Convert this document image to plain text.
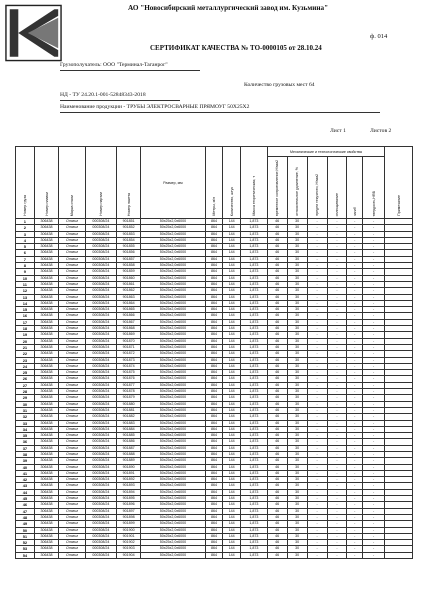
АО "Новосибирский металлургический завод им. Кузьмина"
ф. 014
СЕРТИФИКАТ КАЧЕСТВА № ТО-0000105 от 28.10.24
Грузополучатель: ООО "Терминал-Таганрог"
Количество грузовых мест 64
НД - ТУ 24.20.1-001-52848343-2018
Наименование продукции - ТРУБЫ ЭЛЕКТРОСВАРНЫЕ ПРЯМОУГ 50Х25Х2
Лист 1	Листов 2
Номер груза	Номер плавки	Марка стали	Номер партии	Номер пакета	Размер, мм	Метры, м/п	Количество, штук	Масса теоретическая, т	Механические и технологические свойства						Примечание
									временное сопротивление,Н/мм2	относительное удлинение, %	предел текучести, Н/мм2	сплющивание	загиб	твердость,HRB	
1	306438	Отжиг	000308/24	901851	50x25x2,0x6000	864	144	1,873	46	30	-	-	-	-	
2	306438	Отжиг	000308/24	901852	50x25x2,0x6000	864	144	1,873	46	30	-	-	-	-	
3	306438	Отжиг	000308/24	901853	50x25x2,0x6000	864	144	1,873	46	30	-	-	-	-	
4	306438	Отжиг	000308/24	901854	50x25x2,0x6000	864	144	1,873	46	30	-	-	-	-	
5	306438	Отжиг	000308/24	901855	50x25x2,0x6000	864	144	1,873	46	30	-	-	-	-	
6	306438	Отжиг	000308/24	901856	50x25x2,0x6000	864	144	1,873	46	30	-	-	-	-	
7	306438	Отжиг	000308/24	901857	50x25x2,0x6000	864	144	1,873	46	30	-	-	-	-	
8	306438	Отжиг	000308/24	901858	50x25x2,0x6000	864	144	1,873	46	30	-	-	-	-	
9	306438	Отжиг	000308/24	901859	50x25x2,0x6000	864	144	1,873	46	30	-	-	-	-	
10	306438	Отжиг	000308/24	901860	50x25x2,0x6000	864	144	1,873	46	30	-	-	-	-	
11	306438	Отжиг	000308/24	901861	50x25x2,0x6000	864	144	1,873	46	30	-	-	-	-	
12	306438	Отжиг	000308/24	901862	50x25x2,0x6000	864	144	1,873	46	30	-	-	-	-	
13	306438	Отжиг	000308/24	901863	50x25x2,0x6000	864	144	1,873	46	30	-	-	-	-	
14	306438	Отжиг	000308/24	901864	50x25x2,0x6000	864	144	1,873	46	30	-	-	-	-	
15	306438	Отжиг	000308/24	901865	50x25x2,0x6000	864	144	1,873	46	30	-	-	-	-	
16	306438	Отжиг	000308/24	901866	50x25x2,0x6000	864	144	1,873	46	30	-	-	-	-	
17	306438	Отжиг	000308/24	901867	50x25x2,0x6000	864	144	1,873	46	30	-	-	-	-	
18	306438	Отжиг	000308/24	901868	50x25x2,0x6000	864	144	1,873	46	30	-	-	-	-	
19	306438	Отжиг	000308/24	901869	50x25x2,0x6000	864	144	1,873	46	30	-	-	-	-	
20	306438	Отжиг	000308/24	901870	50x25x2,0x6000	864	144	1,873	46	30	-	-	-	-	
21	306438	Отжиг	000308/24	901871	50x25x2,0x6000	864	144	1,873	46	30	-	-	-	-	
22	306438	Отжиг	000308/24	901872	50x25x2,0x6000	864	144	1,873	46	30	-	-	-	-	
23	306438	Отжиг	000308/24	901873	50x25x2,0x6000	864	144	1,873	46	30	-	-	-	-	
24	306438	Отжиг	000308/24	901874	50x25x2,0x6000	864	144	1,873	46	30	-	-	-	-	
25	306438	Отжиг	000308/24	901875	50x25x2,0x6000	864	144	1,873	46	30	-	-	-	-	
26	306438	Отжиг	000308/24	901876	50x25x2,0x6000	864	144	1,873	46	30	-	-	-	-	
27	306438	Отжиг	000308/24	901877	50x25x2,0x6000	864	144	1,873	46	30	-	-	-	-	
28	306438	Отжиг	000308/24	901878	50x25x2,0x6000	864	144	1,873	46	30	-	-	-	-	
29	306438	Отжиг	000308/24	901879	50x25x2,0x6000	864	144	1,873	46	30	-	-	-	-	
30	306438	Отжиг	000308/24	901880	50x25x2,0x6000	864	144	1,873	46	30	-	-	-	-	
31	306438	Отжиг	000308/24	901881	50x25x2,0x6000	864	144	1,873	46	30	-	-	-	-	
32	306438	Отжиг	000308/24	901882	50x25x2,0x6000	864	144	1,873	46	30	-	-	-	-	
33	306438	Отжиг	000308/24	901883	50x25x2,0x6000	864	144	1,873	46	30	-	-	-	-	
34	306438	Отжиг	000308/24	901884	50x25x2,0x6000	864	144	1,873	46	30	-	-	-	-	
35	306438	Отжиг	000308/24	901885	50x25x2,0x6000	864	144	1,873	46	30	-	-	-	-	
36	306438	Отжиг	000308/24	901886	50x25x2,0x6000	864	144	1,873	46	30	-	-	-	-	
37	306438	Отжиг	000308/24	901887	50x25x2,0x6000	864	144	1,873	46	30	-	-	-	-	
38	306438	Отжиг	000308/24	901888	50x25x2,0x6000	864	144	1,873	46	30	-	-	-	-	
39	306438	Отжиг	000308/24	901889	50x25x2,0x6000	864	144	1,873	46	30	-	-	-	-	
40	306438	Отжиг	000308/24	901890	50x25x2,0x6000	864	144	1,873	46	30	-	-	-	-	
41	306438	Отжиг	000308/24	901891	50x25x2,0x6000	864	144	1,873	46	30	-	-	-	-	
42	306438	Отжиг	000308/24	901892	50x25x2,0x6000	864	144	1,873	46	30	-	-	-	-	
43	306438	Отжиг	000308/24	901893	50x25x2,0x6000	864	144	1,873	46	30	-	-	-	-	
44	306438	Отжиг	000308/24	901894	50x25x2,0x6000	864	144	1,873	46	30	-	-	-	-	
45	306438	Отжиг	000308/24	901895	50x25x2,0x6000	864	144	1,873	46	30	-	-	-	-	
46	306438	Отжиг	000308/24	901896	50x25x2,0x6000	864	144	1,873	46	30	-	-	-	-	
47	306438	Отжиг	000308/24	901897	50x25x2,0x6000	864	144	1,873	46	30	-	-	-	-	
48	306438	Отжиг	000308/24	901898	50x25x2,0x6000	864	144	1,873	46	30	-	-	-	-	
49	306438	Отжиг	000308/24	901899	50x25x2,0x6000	864	144	1,873	46	30	-	-	-	-	
50	306438	Отжиг	000308/24	901900	50x25x2,0x6000	864	144	1,873	46	30	-	-	-	-	
51	306438	Отжиг	000308/24	901901	50x25x2,0x6000	864	144	1,873	46	30	-	-	-	-	
52	306438	Отжиг	000308/24	901902	50x25x2,0x6000	864	144	1,873	46	30	-	-	-	-	
53	306438	Отжиг	000308/24	901903	50x25x2,0x6000	864	144	1,873	46	30	-	-	-	-	
54	306438	Отжиг	000308/24	901904	50x25x2,0x6000	864	144	1,873	46	30	-	-	-	-	
